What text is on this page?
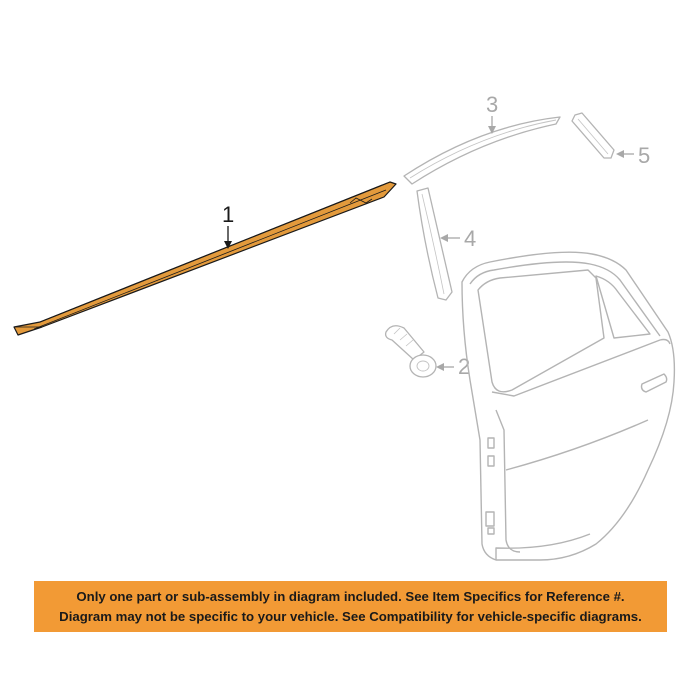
1
3
5
4
2
Only one part or sub-assembly in diagram included. See Item Specifics for Reference #.
Diagram may not be specific to your vehicle. See Compatibility for vehicle-specific diagrams.
